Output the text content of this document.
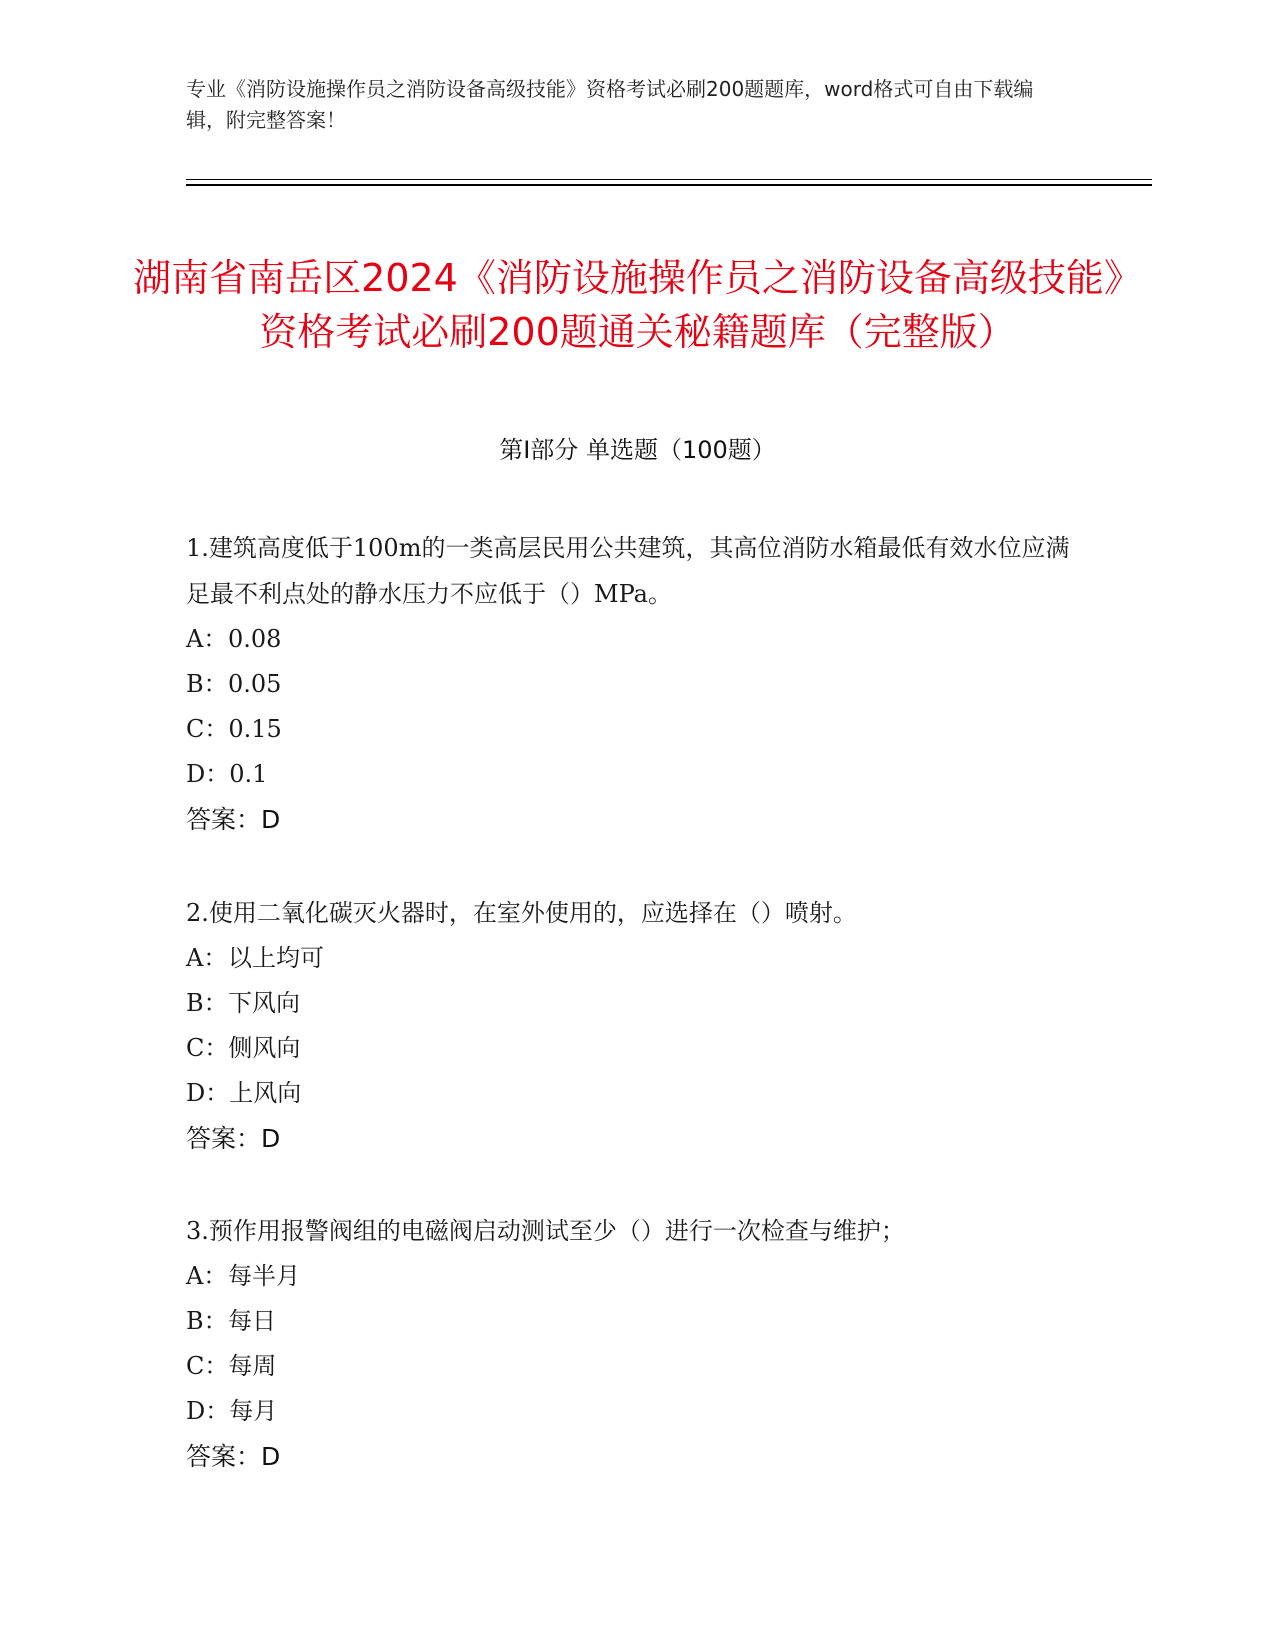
专业《消防设施操作员之消防设备高级技能》资格考试必刷200题题库，word格式可自由下载编辑，附完整答案！
湖南省南岳区2024《消防设施操作员之消防设备高级技能》资格考试必刷200题通关秘籍题库（完整版）
第Ⅰ部分 单选题（100题）

1.建筑高度低于100m的一类高层民用公共建筑，其高位消防水箱最低有效水位应满足最不利点处的静水压力不应低于（）MPa。

A：0.08
B：0.05
C：0.15
D：0.1
答案：D

2.使用二氧化碳灭火器时，在室外使用的，应选择在（）喷射。

A：以上均可
B：下风向
C：侧风向
D：上风向
答案：D

3.预作用报警阀组的电磁阀启动测试至少（）进行一次检查与维护；

A：每半月
B：每日
C：每周
D：每月
答案：D
